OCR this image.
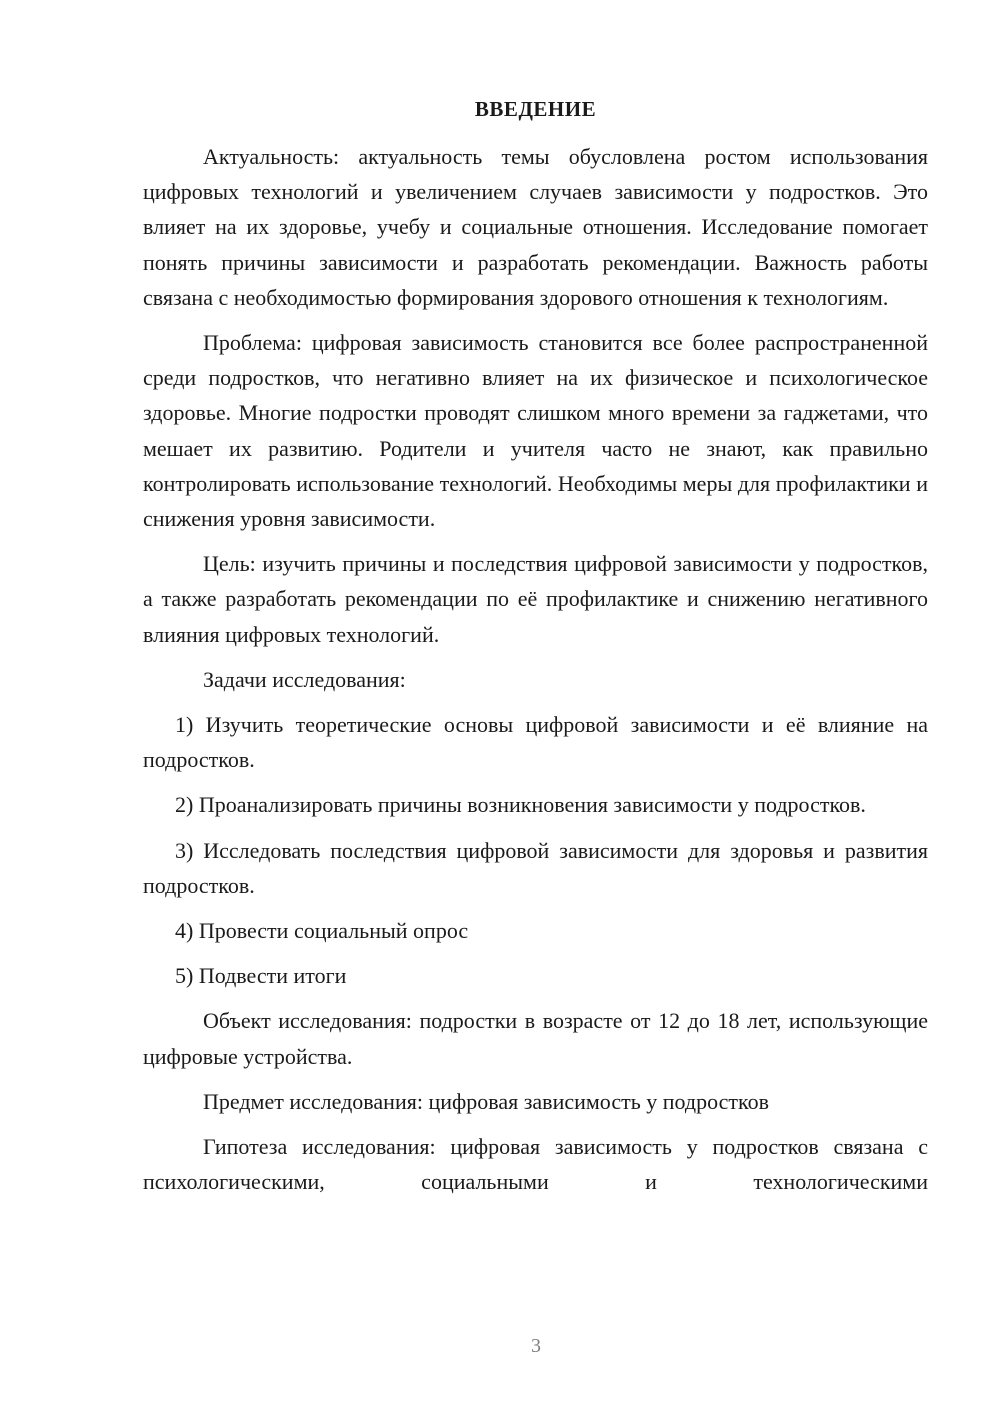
ВВЕДЕНИЕ

Актуальность: актуальность темы обусловлена ростом использования цифровых технологий и увеличением случаев зависимости у подростков. Это влияет на их здоровье, учебу и социальные отношения. Исследование помогает понять причины зависимости и разработать рекомендации. Важность работы связана с необходимостью формирования здорового отношения к технологиям.

Проблема: цифровая зависимость становится все более распространенной среди подростков, что негативно влияет на их физическое и психологическое здоровье. Многие подростки проводят слишком много времени за гаджетами, что мешает их развитию. Родители и учителя часто не знают, как правильно контролировать использование технологий. Необходимы меры для профилактики и снижения уровня зависимости.

Цель: изучить причины и последствия цифровой зависимости у подростков, а также разработать рекомендации по её профилактике и снижению негативного влияния цифровых технологий.

Задачи исследования:

1) Изучить теоретические основы цифровой зависимости и её влияние на подростков.

2) Проанализировать причины возникновения зависимости у подростков.

3) Исследовать последствия цифровой зависимости для здоровья и развития подростков.

4) Провести социальный опрос

5) Подвести итоги

Объект исследования: подростки в возрасте от 12 до 18 лет, использующие цифровые устройства.

Предмет исследования: цифровая зависимость у подростков

Гипотеза исследования: цифровая зависимость у подростков связана с психологическими, социальными и технологическими

3
